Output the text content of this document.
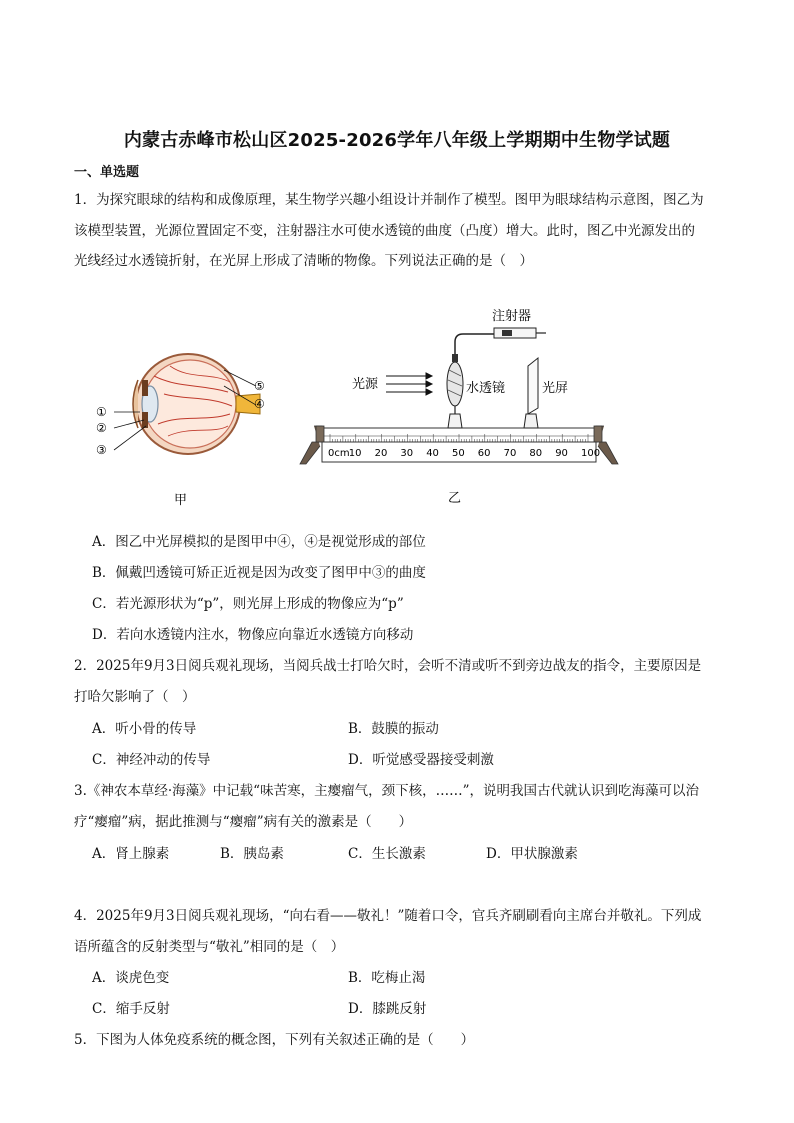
内蒙古赤峰市松山区2025-2026学年八年级上学期期中生物学试题
一、单选题
1．为探究眼球的结构和成像原理，某生物学兴趣小组设计并制作了模型。图甲为眼球结构示意图，图乙为
该模型装置，光源位置固定不变，注射器注水可使水透镜的曲度（凸度）增大。此时，图乙中光源发出的
光线经过水透镜折射，在光屏上形成了清晰的物像。下列说法正确的是（　）
①
②
③
④
⑤
甲
0cm 10 20 30 40 50 60 70 80 90 100
光源	水透镜
注射器
光屏
乙
A．图乙中光屏模拟的是图甲中④，④是视觉形成的部位
B．佩戴凹透镜可矫正近视是因为改变了图甲中③的曲度
C．若光源形状为“p”，则光屏上形成的物像应为“p”
D．若向水透镜内注水，物像应向靠近水透镜方向移动
2．2025年9月3日阅兵观礼现场，当阅兵战士打哈欠时，会听不清或听不到旁边战友的指令，主要原因是
打哈欠影响了（　）
A．听小骨的传导	B．鼓膜的振动
C．神经冲动的传导	D．听觉感受器接受刺激
3.《神农本草经·海藻》中记载“味苦寒，主瘿瘤气，颈下核，……”，说明我国古代就认识到吃海藻可以治
疗“瘿瘤”病，据此推测与“瘿瘤”病有关的激素是（　　）
A．肾上腺素	B．胰岛素	C．生长激素	D．甲状腺激素
4．2025年9月3日阅兵观礼现场，“向右看——敬礼！”随着口令，官兵齐刷刷看向主席台并敬礼。下列成
语所蕴含的反射类型与“敬礼”相同的是（　）
A．谈虎色变	B．吃梅止渴
C．缩手反射	D．膝跳反射
5．下图为人体免疫系统的概念图，下列有关叙述正确的是（　　）
